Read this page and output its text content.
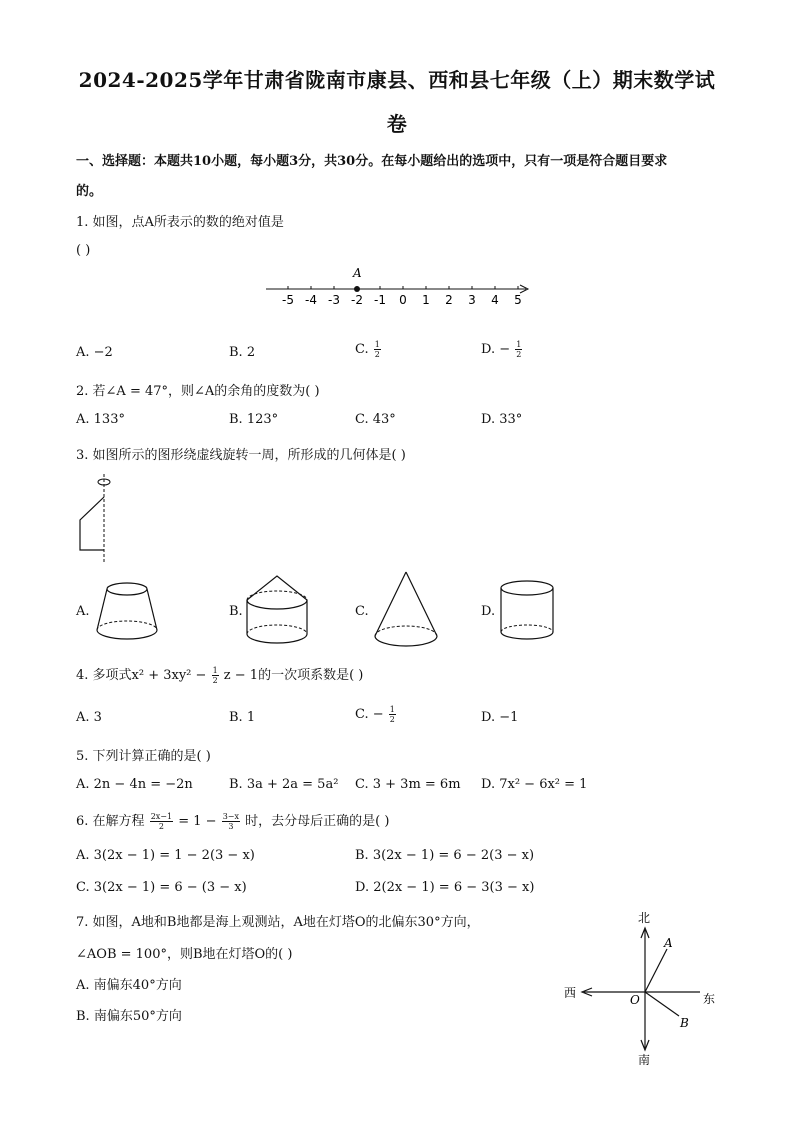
2024-2025学年甘肃省陇南市康县、西和县七年级（上）期末数学试
卷
一、选择题：本题共10小题，每小题3分，共30分。在每小题给出的选项中，只有一项是符合题目要求
的。
1. 如图，点A所表示的数的绝对值是
( )
-5 -4 -3 -2 -1 0 1 2 3 4 5
A
A. −2	B. 2	C. $\frac{1}{2}$	D. − $\frac{1}{2}$
2. 若∠A = 47°，则∠A的余角的度数为( )
A. 133°	B. 123°	C. 43°	D. 33°
3. 如图所示的图形绕虚线旋转一周，所形成的几何体是( )
A.	B.	C.	D.
4. 多项式$x^2 + 3xy^2 - \frac{1}{2}$ z − 1的一次项系数是( )
A. 3	B. 1	C. − $\frac{1}{2}$	D. −1
5. 下列计算正确的是( )
A. 2n − 4n = −2n	B. 3a + 2a = 5a² C. 3 + 3m = 6m D. 7x² − 6x² = 1
6. 在解方程 $\frac{2x-1}{2} = 1 - \frac{3-x}{3}$ 时，去分母后正确的是( )
A. 3(2x − 1) = 1 − 2(3 − x)	B. 3(2x − 1) = 6 − 2(3 − x)
C. 3(2x − 1) = 6 − (3 − x)	D. 2(2x − 1) = 6 − 3(3 − x)
7. 如图，A地和B地都是海上观测站，A地在灯塔O的北偏东30°方向，
∠AOB = 100°，则B地在灯塔O的( )
A. 南偏东40°方向
B. 南偏东50°方向
北
南
东
西	O
A
B
